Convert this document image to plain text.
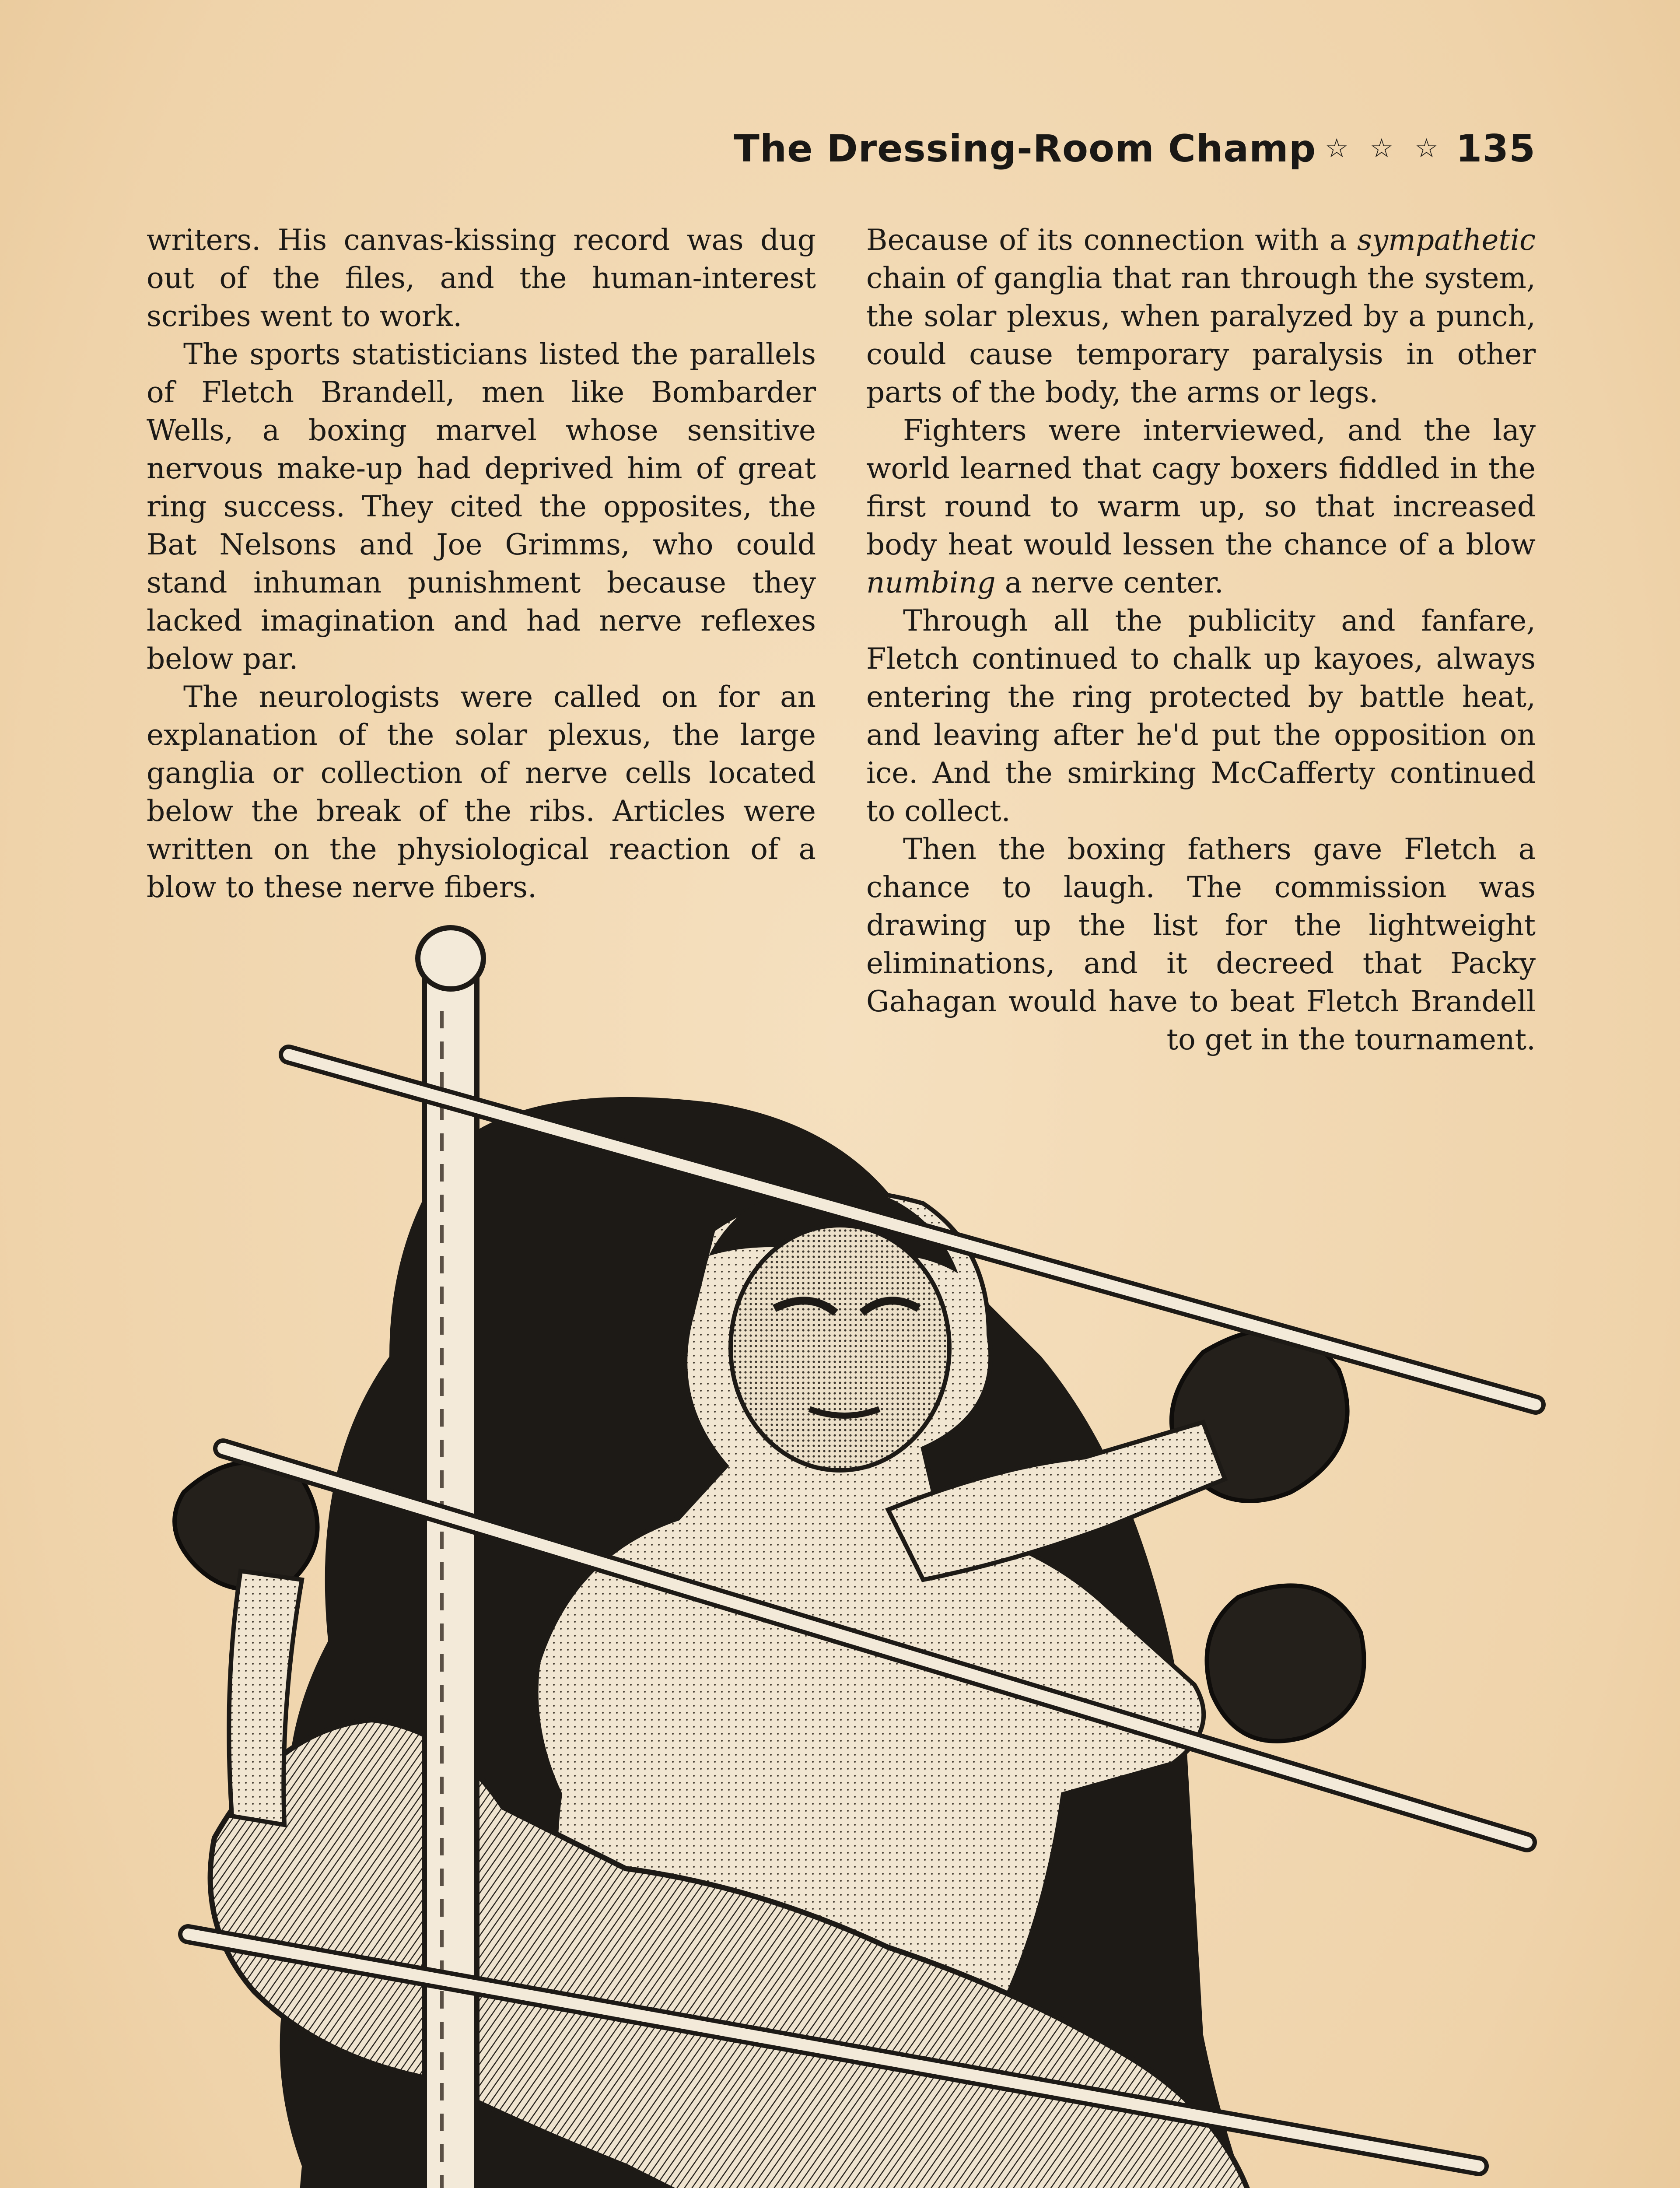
The Dressing-Room Champ ☆ ☆ ☆ 135

writers. His canvas-kissing record was dug out of the files, and the human-interest scribes went to work.

The sports statisticians listed the parallels of Fletch Brandell, men like Bombarder Wells, a boxing marvel whose sensitive nervous make-up had deprived him of great ring success. They cited the opposites, the Bat Nelsons and Joe Grimms, who could stand inhuman punishment because they lacked imagination and had nerve reflexes below par.

The neurologists were called on for an explanation of the solar plexus, the large ganglia or collection of nerve cells located below the break of the ribs. Articles were written on the physiological reaction of a blow to these nerve fibers.

Because of its connection with a sympathetic chain of ganglia that ran through the system, the solar plexus, when paralyzed by a punch, could cause temporary paralysis in other parts of the body, the arms or legs.

Fighters were interviewed, and the lay world learned that cagy boxers fiddled in the first round to warm up, so that increased body heat would lessen the chance of a blow numbing a nerve center.

Through all the publicity and fanfare, Fletch continued to chalk up kayoes, always entering the ring protected by battle heat, and leaving after he'd put the opposition on ice. And the smirking McCafferty continued to collect.

Then the boxing fathers gave Fletch a chance to laugh. The commission was drawing up the list for the lightweight eliminations, and it decreed that Packy Gahagan would have to beat Fletch Brandell to get in the tournament.
